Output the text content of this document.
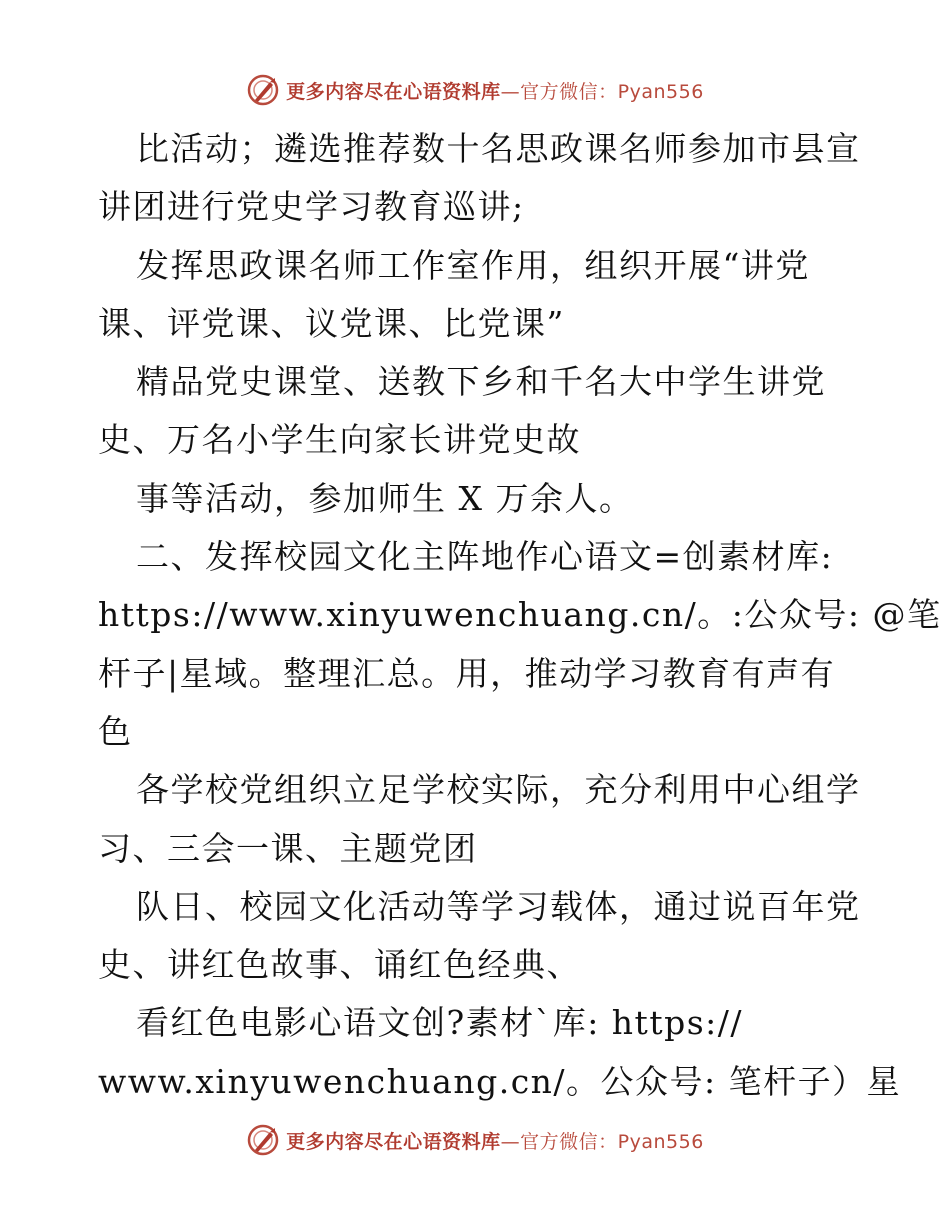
更多内容尽在心语资料库—官方微信：Pyan556
比活动；遴选推荐数十名思政课名师参加市县宣
讲团进行党史学习教育巡讲;
发挥思政课名师工作室作用，组织开展“讲党
课、评党课、议党课、比党课”
精品党史课堂、送教下乡和千名大中学生讲党
史、万名小学生向家长讲党史故
事等活动，参加师生 X 万余人。
二、发挥校园文化主阵地作心语文=创素材库:
https://www.xinyuwenchuang.cn/。:公众号: @笔
杆子|星域。整理汇总。用，推动学习教育有声有
色
各学校党组织立足学校实际，充分利用中心组学
习、三会一课、主题党团
队日、校园文化活动等学习载体，通过说百年党
史、讲红色故事、诵红色经典、
看红色电影心语文创?素材`库: https://
www.xinyuwenchuang.cn/。公众号: 笔杆子）星
更多内容尽在心语资料库—官方微信：Pyan556
